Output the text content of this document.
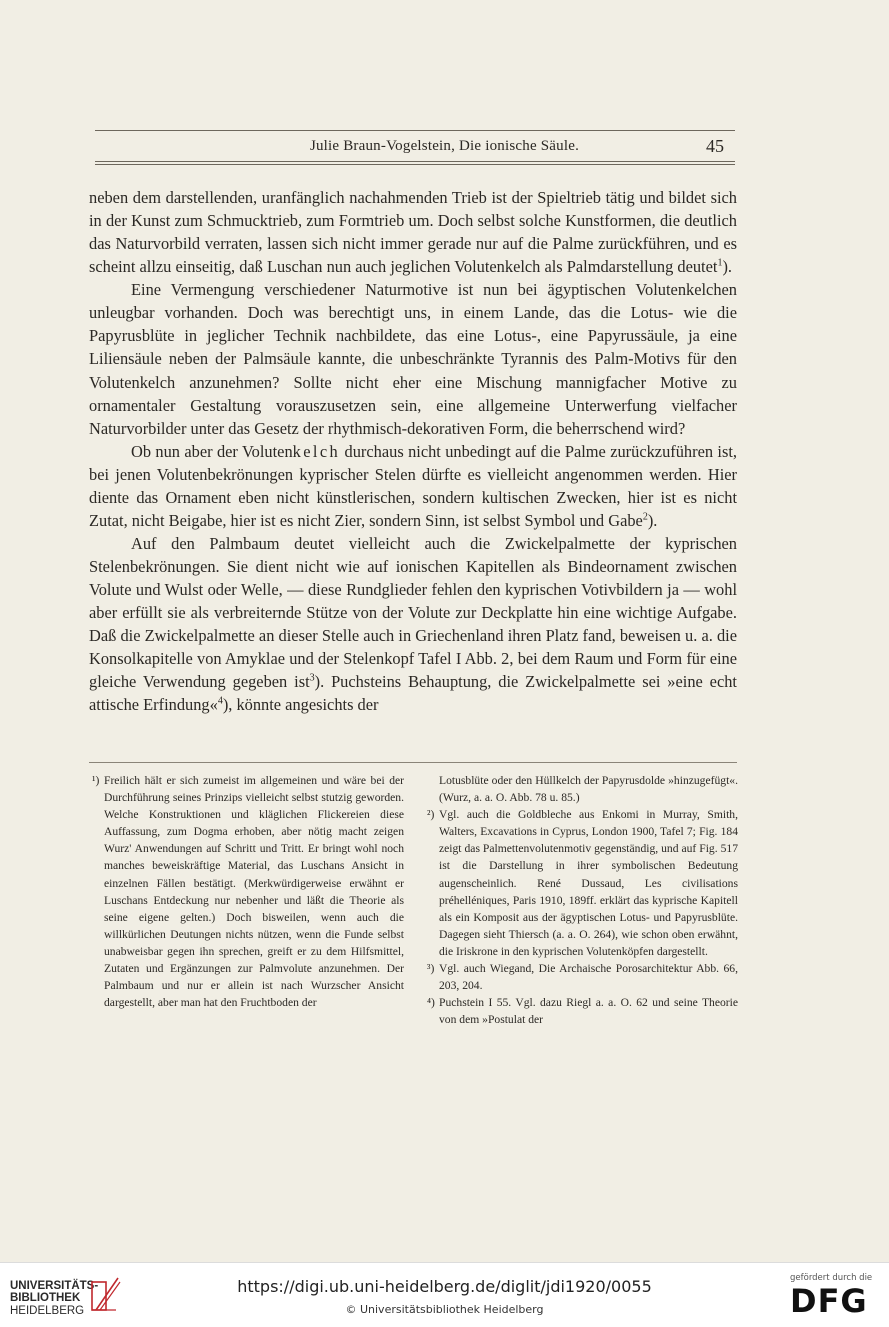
Julie Braun-Vogelstein, Die ionische Säule.	45

neben dem darstellenden, uranfänglich nachahmenden Trieb ist der Spieltrieb tätig und bildet sich in der Kunst zum Schmucktrieb, zum Formtrieb um. Doch selbst solche Kunstformen, die deutlich das Naturvorbild verraten, lassen sich nicht immer gerade nur auf die Palme zurückführen, und es scheint allzu einseitig, daß Luschan nun auch jeglichen Volutenkelch als Palmdarstellung deutet$^1$).

Eine Vermengung verschiedener Naturmotive ist nun bei ägyptischen Volutenkelchen unleugbar vorhanden. Doch was berechtigt uns, in einem Lande, das die Lotus- wie die Papyrusblüte in jeglicher Technik nachbildete, das eine Lotus-, eine Papyrussäule, ja eine Liliensäule neben der Palmsäule kannte, die unbeschränkte Tyrannis des Palm-Motivs für den Volutenkelch anzunehmen? Sollte nicht eher eine Mischung mannigfacher Motive zu ornamentaler Gestaltung vorauszusetzen sein, eine allgemeine Unterwerfung vielfacher Naturvorbilder unter das Gesetz der rhythmisch-dekorativen Form, die beherrschend wird?

Ob nun aber der Volutenkelch durchaus nicht unbedingt auf die Palme zurückzuführen ist, bei jenen Volutenbekrönungen kyprischer Stelen dürfte es vielleicht angenommen werden. Hier diente das Ornament eben nicht künstlerischen, sondern kultischen Zwecken, hier ist es nicht Zutat, nicht Beigabe, hier ist es nicht Zier, sondern Sinn, ist selbst Symbol und Gabe$^2$).

Auf den Palmbaum deutet vielleicht auch die Zwickelpalmette der kyprischen Stelenbekrönungen. Sie dient nicht wie auf ionischen Kapitellen als Bindeornament zwischen Volute und Wulst oder Welle, — diese Rundglieder fehlen den kyprischen Votivbildern ja — wohl aber erfüllt sie als verbreiternde Stütze von der Volute zur Deckplatte hin eine wichtige Aufgabe. Daß die Zwickelpalmette an dieser Stelle auch in Griechenland ihren Platz fand, beweisen u. a. die Konsolkapitelle von Amyklae und der Stelenkopf Tafel I Abb. 2, bei dem Raum und Form für eine gleiche Verwendung gegeben ist$^3$). Puchsteins Behauptung, die Zwickelpalmette sei »eine echt attische Erfindung«$^4$), könnte angesichts der

¹) Freilich hält er sich zumeist im allgemeinen und wäre bei der Durchführung seines Prinzips vielleicht selbst stutzig geworden. Welche Konstruktionen und kläglichen Flickereien diese Auffassung, zum Dogma erhoben, aber nötig macht zeigen Wurz' Anwendungen auf Schritt und Tritt. Er bringt wohl noch manches beweiskräftige Material, das Luschans Ansicht in einzelnen Fällen bestätigt. (Merkwürdigerweise erwähnt er Luschans Entdeckung nur nebenher und läßt die Theorie als seine eigene gelten.) Doch bisweilen, wenn auch die willkürlichen Deutungen nichts nützen, wenn die Funde selbst unabweisbar gegen ihn sprechen, greift er zu dem Hilfsmittel, Zutaten und Ergänzungen zur Palmvolute anzunehmen. Der Palmbaum und nur er allein ist nach Wurzscher Ansicht dargestellt, aber man hat den Fruchtboden der

Lotusblüte oder den Hüllkelch der Papyrusdolde »hinzugefügt«. (Wurz, a. a. O. Abb. 78 u. 85.)

²) Vgl. auch die Goldbleche aus Enkomi in Murray, Smith, Walters, Excavations in Cyprus, London 1900, Tafel 7; Fig. 184 zeigt das Palmettenvolutenmotiv gegenständig, und auf Fig. 517 ist die Darstellung in ihrer symbolischen Bedeutung augenscheinlich. René Dussaud, Les civilisations préhelléniques, Paris 1910, 189ff. erklärt das kyprische Kapitell als ein Komposit aus der ägyptischen Lotus- und Papyrusblüte. Dagegen sieht Thiersch (a. a. O. 264), wie schon oben erwähnt, die Iriskrone in den kyprischen Volutenköpfen dargestellt.

³) Vgl. auch Wiegand, Die Archaische Porosarchitektur Abb. 66, 203, 204.

⁴) Puchstein I 55. Vgl. dazu Riegl a. a. O. 62 und seine Theorie von dem »Postulat der

UNIVERSITÄTS-
BIBLIOTHEK
HEIDELBERG
https://digi.ub.uni-heidelberg.de/diglit/jdi1920/0055
© Universitätsbibliothek Heidelberg
gefördert durch die
DFG
